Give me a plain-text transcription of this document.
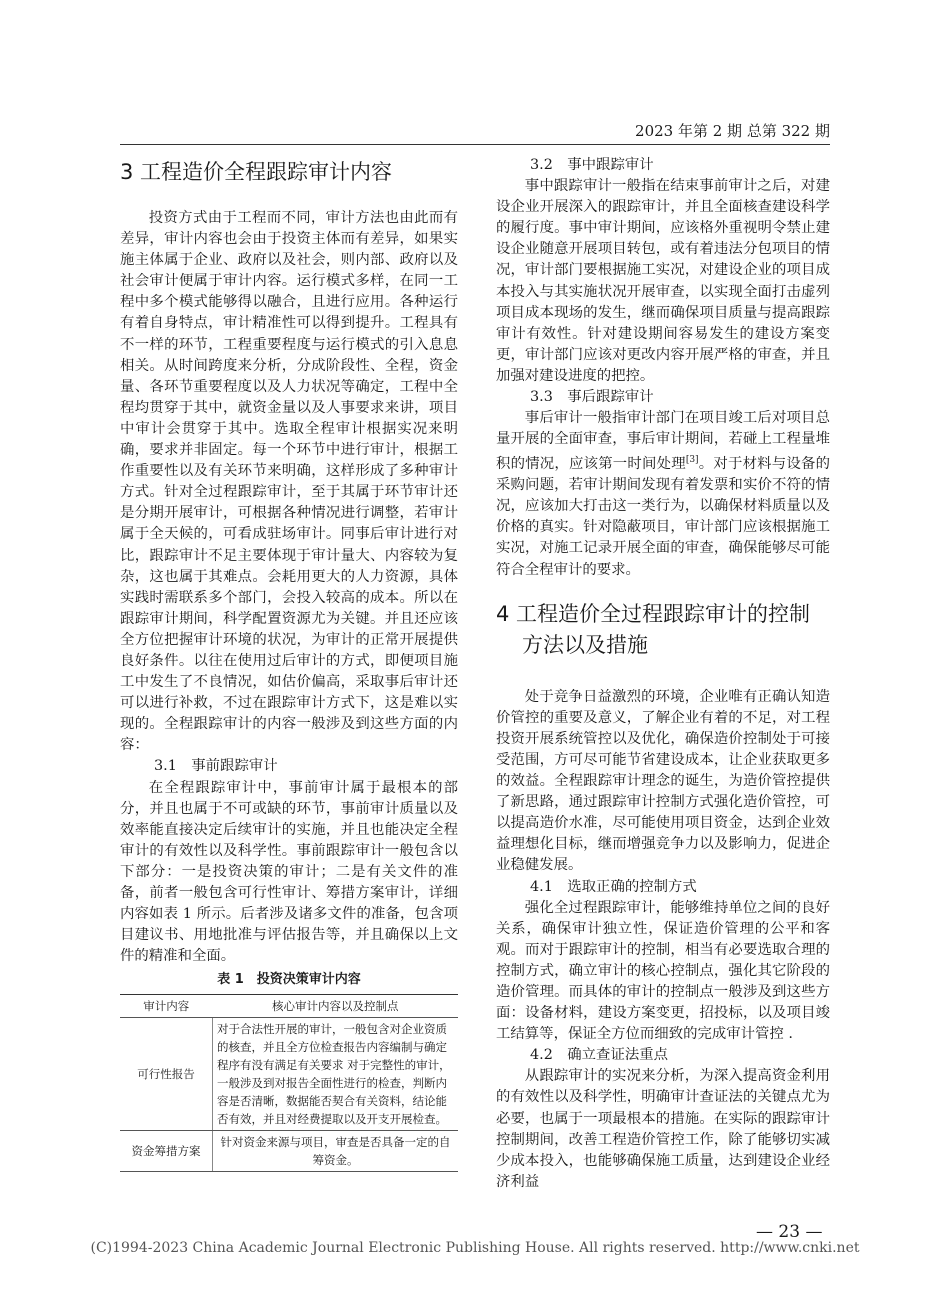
2023 年第 2 期 总第 322 期
3 工程造价全程跟踪审计内容

投资方式由于工程而不同，审计方法也由此而有差异，审计内容也会由于投资主体而有差异，如果实施主体属于企业、政府以及社会，则内部、政府以及社会审计便属于审计内容。运行模式多样，在同一工程中多个模式能够得以融合，且进行应用。各种运行有着自身特点，审计精准性可以得到提升。工程具有不一样的环节，工程重要程度与运行模式的引入息息相关。从时间跨度来分析，分成阶段性、全程，资金量、各环节重要程度以及人力状况等确定，工程中全程均贯穿于其中，就资金量以及人事要求来讲，项目中审计会贯穿于其中。选取全程审计根据实况来明确，要求并非固定。每一个环节中进行审计，根据工作重要性以及有关环节来明确，这样形成了多种审计方式。针对全过程跟踪审计，至于其属于环节审计还是分期开展审计，可根据各种情况进行调整，若审计属于全天候的，可看成驻场审计。同事后审计进行对比，跟踪审计不足主要体现于审计量大、内容较为复杂，这也属于其难点。会耗用更大的人力资源，具体实践时需联系多个部门，会投入较高的成本。所以在跟踪审计期间，科学配置资源尤为关键。并且还应该全方位把握审计环境的状况，为审计的正常开展提供良好条件。以往在使用过后审计的方式，即便项目施工中发生了不良情况，如估价偏高，采取事后审计还可以进行补救，不过在跟踪审计方式下，这是难以实现的。全程跟踪审计的内容一般涉及到这些方面的内容：

3.1　事前跟踪审计

在全程跟踪审计中，事前审计属于最根本的部分，并且也属于不可或缺的环节，事前审计质量以及效率能直接决定后续审计的实施，并且也能决定全程审计的有效性以及科学性。事前跟踪审计一般包含以下部分：一是投资决策的审计；二是有关文件的准备，前者一般包含可行性审计、筹措方案审计，详细内容如表 1 所示。后者涉及诸多文件的准备，包含项目建议书、用地批准与评估报告等，并且确保以上文件的精准和全面。

表 1　投资决策审计内容
审计内容	核心审计内容以及控制点
可行性报告	对于合法性开展的审计，一般包含对企业资质的核查，并且全方位检查报告内容编制与确定程序有没有满足有关要求 对于完整性的审计，一般涉及到对报告全面性进行的检查，判断内容是否清晰，数据能否契合有关资料，结论能否有效，并且对经费提取以及开支开展检查。
资金筹措方案	针对资金来源与项目，审查是否具备一定的自筹资金。
3.2　事中跟踪审计

事中跟踪审计一般指在结束事前审计之后，对建设企业开展深入的跟踪审计，并且全面核查建设科学的履行度。事中审计期间，应该格外重视明令禁止建设企业随意开展项目转包，或有着违法分包项目的情况，审计部门要根据施工实况，对建设企业的项目成本投入与其实施状况开展审查，以实现全面打击虚列项目成本现场的发生，继而确保项目质量与提高跟踪审计有效性。针对建设期间容易发生的建设方案变更，审计部门应该对更改内容开展严格的审查，并且加强对建设进度的把控。

3.3　事后跟踪审计

事后审计一般指审计部门在项目竣工后对项目总量开展的全面审查，事后审计期间，若碰上工程量堆积的情况，应该第一时间处理[3]。对于材料与设备的采购问题，若审计期间发现有着发票和实价不符的情况，应该加大打击这一类行为，以确保材料质量以及价格的真实。针对隐蔽项目，审计部门应该根据施工实况，对施工记录开展全面的审查，确保能够尽可能符合全程审计的要求。

4 工程造价全过程跟踪审计的控制
方法以及措施

处于竞争日益激烈的环境，企业唯有正确认知造价管控的重要及意义，了解企业有着的不足，对工程投资开展系统管控以及优化，确保造价控制处于可接受范围，方可尽可能节省建设成本，让企业获取更多的效益。全程跟踪审计理念的诞生，为造价管控提供了新思路，通过跟踪审计控制方式强化造价管控，可以提高造价水准，尽可能使用项目资金，达到企业效益理想化目标，继而增强竞争力以及影响力，促进企业稳健发展。

4.1　选取正确的控制方式

强化全过程跟踪审计，能够维持单位之间的良好关系，确保审计独立性，保证造价管理的公平和客观。而对于跟踪审计的控制，相当有必要选取合理的控制方式，确立审计的核心控制点，强化其它阶段的造价管理。而具体的审计的控制点一般涉及到这些方面：设备材料，建设方案变更，招投标，以及项目竣工结算等，保证全方位而细致的完成审计管控 .

4.2　确立查证法重点

从跟踪审计的实况来分析，为深入提高资金利用的有效性以及科学性，明确审计查证法的关键点尤为必要，也属于一项最根本的措施。在实际的跟踪审计控制期间，改善工程造价管控工作，除了能够切实减少成本投入，也能够确保施工质量，达到建设企业经济利益

— 23 —
(C)1994-2023 China Academic Journal Electronic Publishing House. All rights reserved. http://www.cnki.net
